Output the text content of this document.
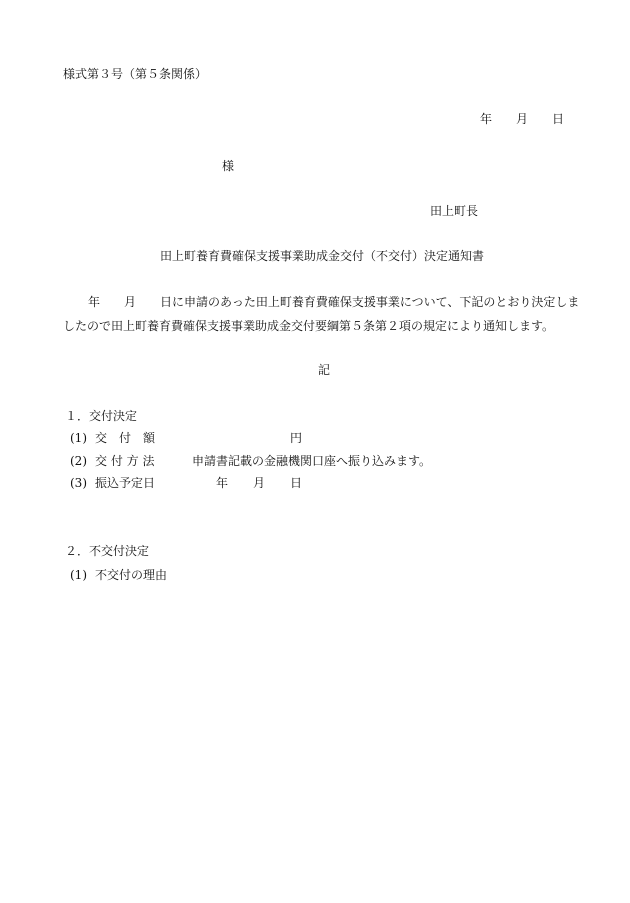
様式第３号（第５条関係）
年 月 日
様
田上町長
田上町養育費確保支援事業助成金交付（不交付）決定通知書
年 月 日に申請のあった田上町養育費確保支援事業について、下記のとおり決定しま
したので田上町養育費確保支援事業助成金交付要綱第５条第２項の規定により通知します。
記
１．交付決定
(1) 交　付　額	円
(2) 交 付 方 法	申請書記載の金融機関口座へ振り込みます。
(3) 振込予定日	年 月 日
２．不交付決定
(1) 不交付の理由
